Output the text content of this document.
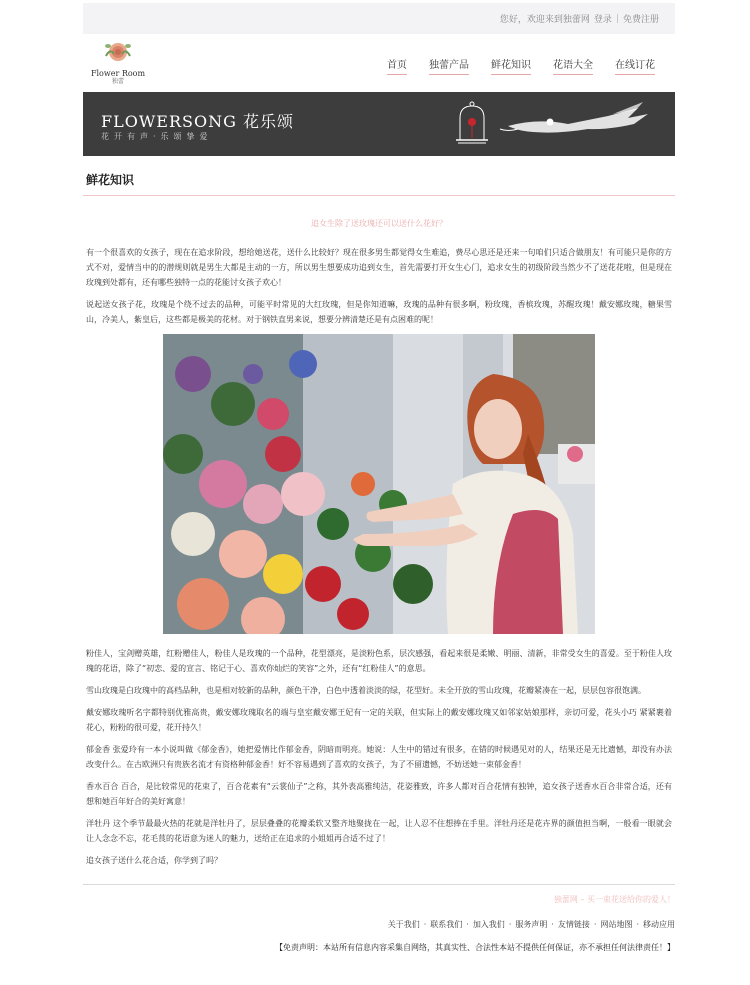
您好，欢迎来到独蕾网 登录 | 免费注册
Flower Room
独蕾
首页 独蕾产品 鲜花知识 花语大全 在线订花
FLOWERSONG 花乐颂
花开有声·乐颂挚爱
鲜花知识
追女生除了送玫瑰还可以送什么花好？

有一个很喜欢的女孩子，现在在追求阶段，想给她送花，送什么比较好？现在很多男生都觉得女生难追，费尽心思还是还来一句咱们只适合做朋友！有可能只是你的方式不对，爱情当中的的潜规则就是男生大都是主动的一方，所以男生想要成功追到女生，首先需要打开女生心门，追求女生的初级阶段当然少不了送花花啦，但是现在玫瑰到处都有，还有哪些独特一点的花能讨女孩子欢心！

说起送女孩子花，玫瑰是个绕不过去的品种，可能平时常见的大红玫瑰，但是你知道嘛，玫瑰的品种有很多啊，粉玫瑰，香槟玫瑰，苏醒玫瑰！戴安娜玫瑰，糖果雪山，冷美人，紫皇后，这些都是极美的花材。对于钢铁直男来说，想要分辨清楚还是有点困难的呢！

粉佳人，宝剑赠英雄，红粉赠佳人，粉佳人是玫瑰的一个品种，花型漂亮，是淡粉色系，层次感强，看起来很是柔嫩、明丽、清新，非常受女生的喜爱。至于粉佳人玫瑰的花语，除了“初恋、爱的宣言、铭记于心、喜欢你灿烂的笑容”之外，还有“红粉佳人”的意思。

雪山玫瑰是白玫瑰中的高档品种，也是相对较新的品种，颜色干净，白色中透着淡淡的绿，花型好。未全开放的雪山玫瑰，花瓣紧凑在一起，层层包容很饱满。

戴安娜玫瑰听名字都特别优雅高贵，戴安娜玫瑰取名的端与皇室戴安娜王妃有一定的关联，但实际上的戴安娜玫瑰又如邻家姑娘那样，亲切可爱，花头小巧 紧紧裹着花心，粉粉的很可爱，花开持久！

郁金香 张爱玲有一本小说叫做《郁金香》，她把爱情比作郁金香，阴暗而明亮。她说：人生中的错过有很多，在错的时候遇见对的人，结果还是无比遗憾，却没有办法改变什么。在古欧洲只有贵族名流才有资格种郁金香！好不容易遇到了喜欢的女孩子，为了不留遗憾，不妨送她一束郁金香！

香水百合 百合，是比较常见的花束了，百合花素有“云裳仙子”之称，其外表高雅纯洁，花姿雅致，许多人都对百合花情有独钟，追女孩子送香水百合非常合适，还有想和她百年好合的美好寓意！

洋牡丹 这个季节最最火热的花就是洋牡丹了，层层叠叠的花瓣柔软又整齐地聚拢在一起，让人忍不住想捧在手里。洋牡丹还是花卉界的颜值担当啊，一般看一眼就会让人念念不忘，花毛茛的花语意为迷人的魅力，送给正在追求的小姐姐再合适不过了！

追女孩子送什么花合适，你学到了吗？

独蕾网 – 买一束花送给你的爱人！
关于我们 · 联系我们 · 加入我们 · 服务声明 · 友情链接 · 网站地图 · 移动应用
【免责声明：本站所有信息内容采集自网络，其真实性、合法性本站不提供任何保证，亦不承担任何法律责任！】
